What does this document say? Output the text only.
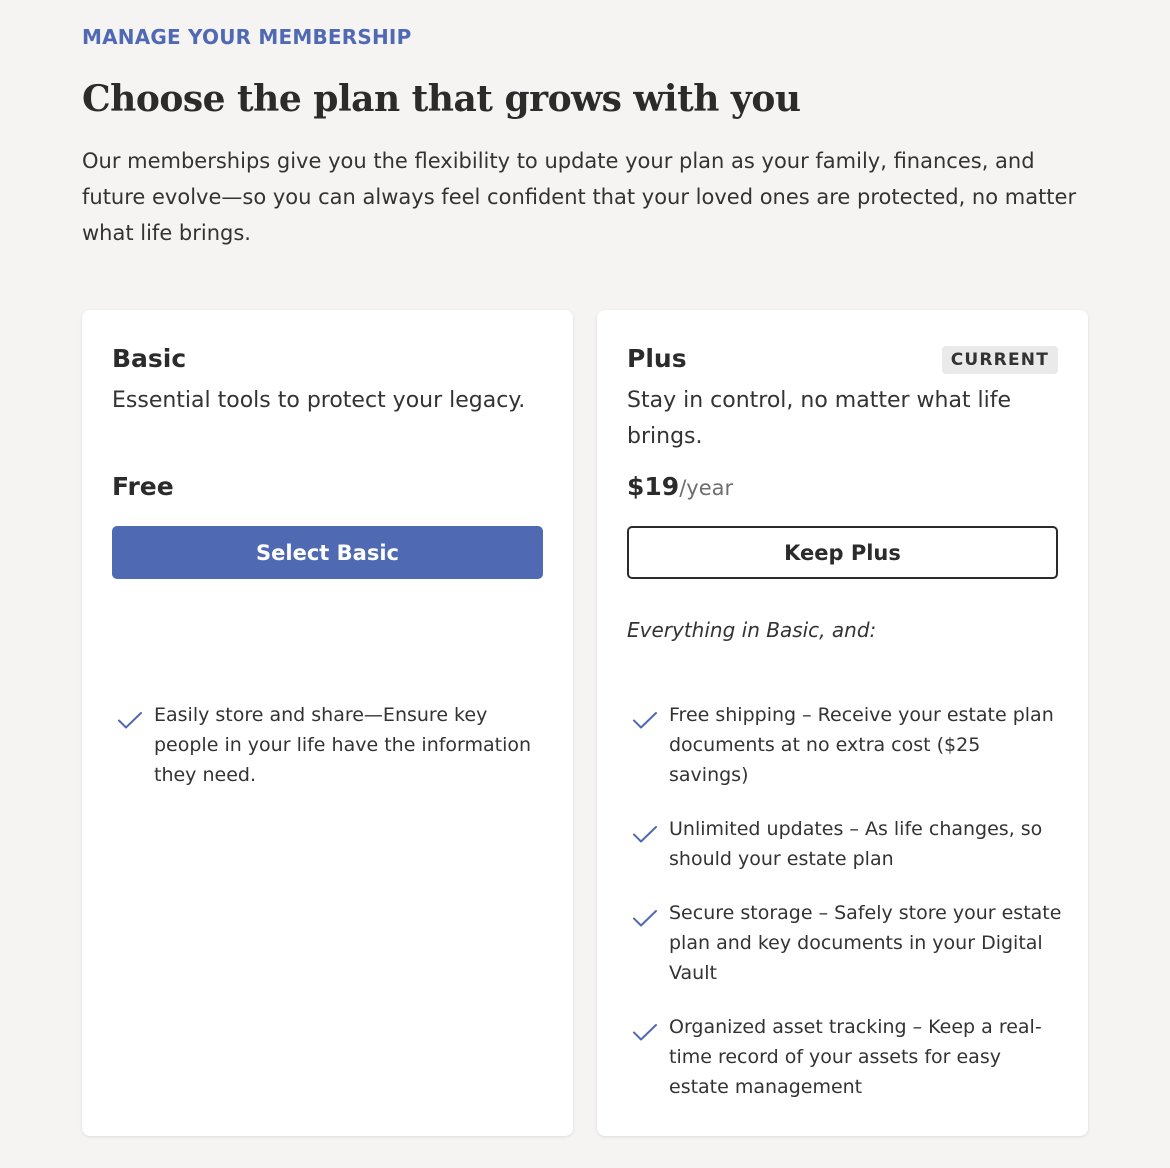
MANAGE YOUR MEMBERSHIP
Choose the plan that grows with you

Our memberships give you the flexibility to update your plan as your family, finances, and future evolve—so you can always feel confident that your loved ones are protected, no matter what life brings.

Basic
Essential tools to protect your legacy.
Free
Select Basic
Easily store and share—Ensure key people in your life have the information they need.
Plus	CURRENT
Stay in control, no matter what life brings.
$19/year
Keep Plus
Everything in Basic, and:
Free shipping – Receive your estate plan documents at no extra cost ($25 savings)
Unlimited updates – As life changes, so should your estate plan
Secure storage – Safely store your estate plan and key documents in your Digital Vault
Organized asset tracking – Keep a real-time record of your assets for easy estate management
